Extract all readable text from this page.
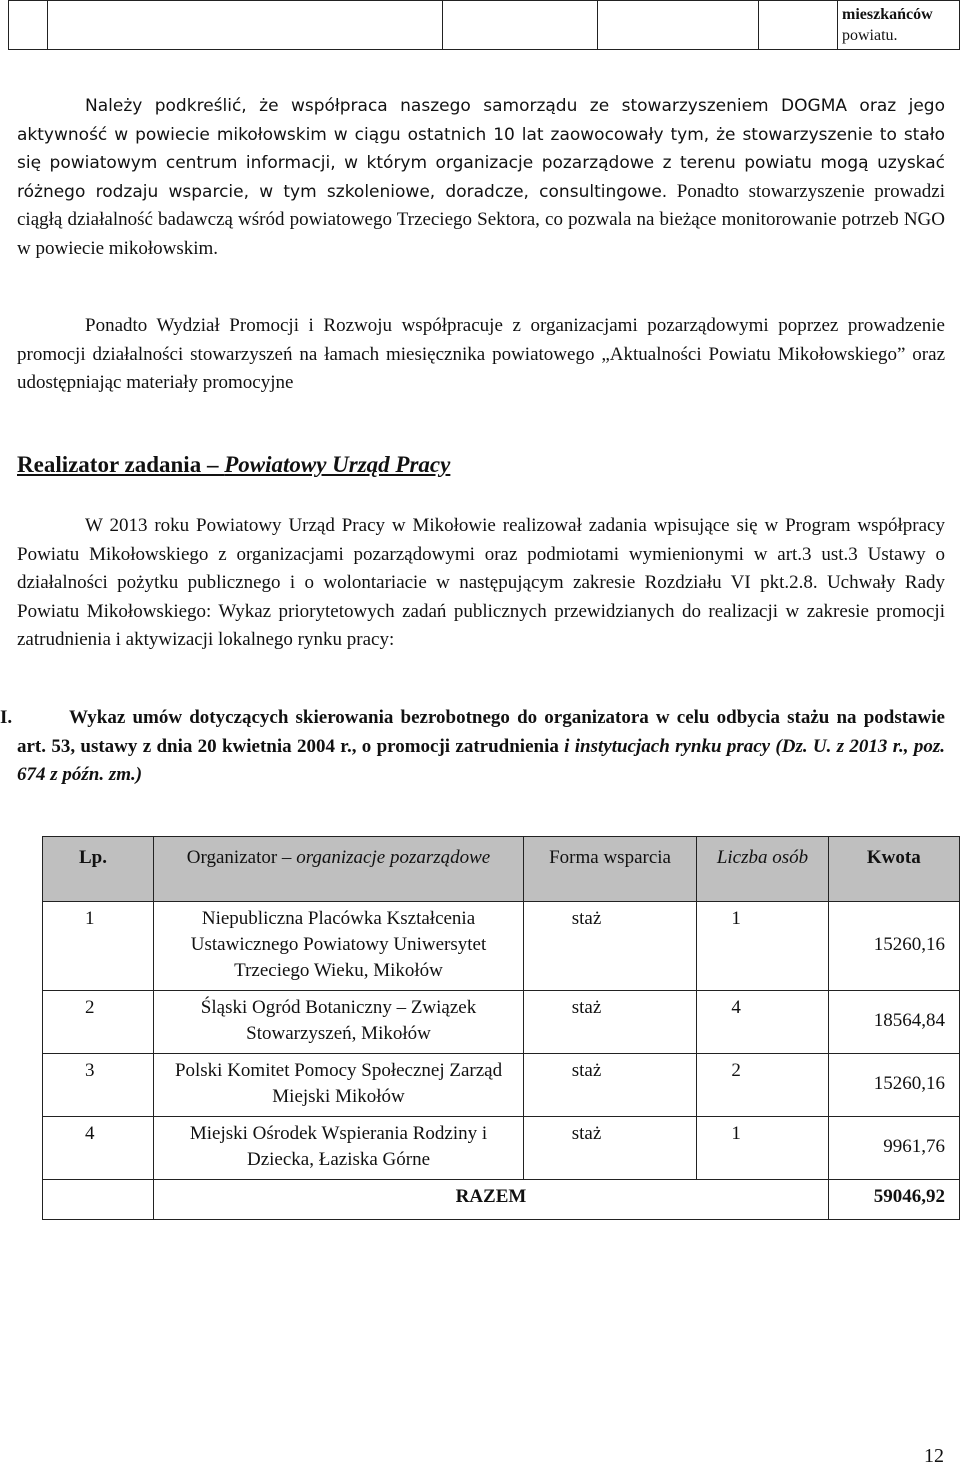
mieszkańców
powiatu.

Należy podkreślić, że współpraca naszego samorządu ze stowarzyszeniem DOGMA oraz jego aktywność w powiecie mikołowskim w ciągu ostatnich 10 lat zaowocowały tym, że stowarzyszenie to stało się powiatowym centrum informacji, w którym organizacje pozarządowe z terenu powiatu mogą uzyskać różnego rodzaju wsparcie, w tym szkoleniowe, doradcze, consultingowe. Ponadto stowarzyszenie prowadzi ciągłą działalność badawczą wśród powiatowego Trzeciego Sektora, co pozwala na bieżące monitorowanie potrzeb NGO w powiecie mikołowskim.

Ponadto Wydział Promocji i Rozwoju współpracuje z organizacjami pozarządowymi poprzez prowadzenie promocji działalności stowarzyszeń na łamach miesięcznika powiatowego „Aktualności Powiatu Mikołowskiego” oraz udostępniając materiały promocyjne

Realizator zadania – Powiatowy Urząd Pracy

W 2013 roku Powiatowy Urząd Pracy w Mikołowie realizował zadania wpisujące się w Program współpracy Powiatu Mikołowskiego z organizacjami pozarządowymi oraz podmiotami wymienionymi w art.3 ust.3 Ustawy o działalności pożytku publicznego i o wolontariacie w następującym zakresie Rozdziału VI pkt.2.8. Uchwały Rady Powiatu Mikołowskiego: Wykaz priorytetowych zadań publicznych przewidzianych do realizacji w zakresie promocji zatrudnienia i aktywizacji lokalnego rynku pracy:

I.	Wykaz umów dotyczących skierowania bezrobotnego do organizatora w celu odbycia stażu na podstawie art. 53, ustawy z dnia 20 kwietnia 2004 r., o promocji zatrudnienia i instytucjach rynku pracy (Dz. U. z 2013 r., poz. 674 z późn. zm.)

Lp.	Organizator – organizacje pozarządowe	Forma wsparcia	Liczba osób	Kwota
1	Niepubliczna Placówka Kształcenia Ustawicznego Powiatowy Uniwersytet Trzeciego Wieku, Mikołów	staż	1	15260,16
2	Śląski Ogród Botaniczny – Związek Stowarzyszeń, Mikołów	staż	4	18564,84
3	Polski Komitet Pomocy Społecznej Zarząd Miejski Mikołów	staż	2	15260,16
4	Miejski Ośrodek Wspierania Rodziny i Dziecka, Łaziska Górne	staż	1	9961,76
	RAZEM			59046,92
12
